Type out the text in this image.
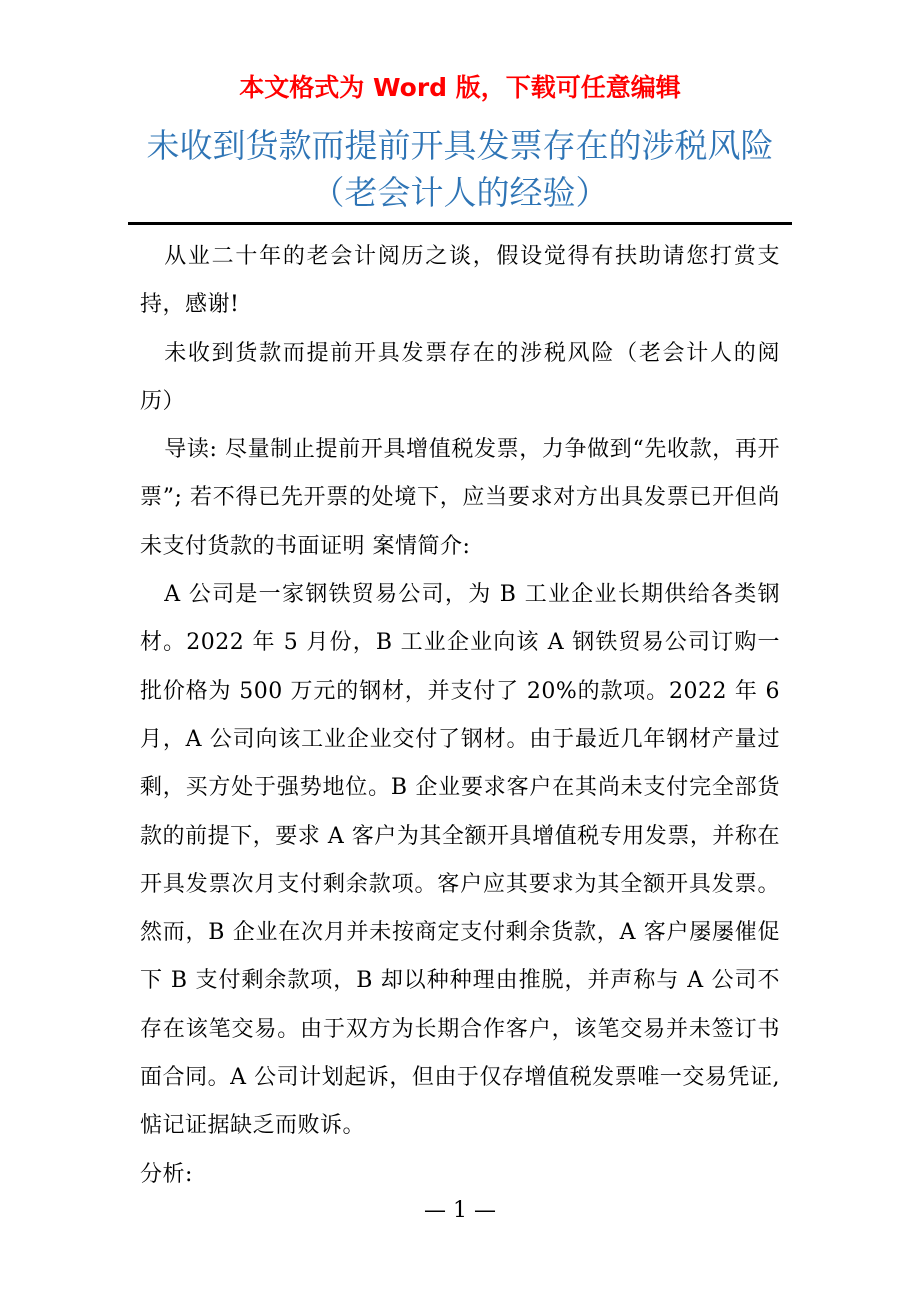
本文格式为 Word 版，下载可任意编辑
未收到货款而提前开具发票存在的涉税风险（老会计人的经验）

从业二十年的老会计阅历之谈，假设觉得有扶助请您打赏支持，感谢!

未收到货款而提前开具发票存在的涉税风险（老会计人的阅历）

导读: 尽量制止提前开具增值税发票，力争做到“先收款，再开票”; 若不得已先开票的处境下，应当要求对方出具发票已开但尚未支付货款的书面证明 案情简介:

A 公司是一家钢铁贸易公司，为 B 工业企业长期供给各类钢材。2022 年 5 月份，B 工业企业向该 A 钢铁贸易公司订购一批价格为 500 万元的钢材，并支付了 20%的款项。2022 年 6 月，A 公司向该工业企业交付了钢材。由于最近几年钢材产量过剩，买方处于强势地位。B 企业要求客户在其尚未支付完全部货款的前提下，要求 A 客户为其全额开具增值税专用发票，并称在开具发票次月支付剩余款项。客户应其要求为其全额开具发票。然而，B 企业在次月并未按商定支付剩余货款，A 客户屡屡催促下 B 支付剩余款项，B 却以种种理由推脱，并声称与 A 公司不存在该笔交易。由于双方为长期合作客户，该笔交易并未签订书面合同。A 公司计划起诉，但由于仅存增值税发票唯一交易凭证,惦记证据缺乏而败诉。

分析:

— 1 —
